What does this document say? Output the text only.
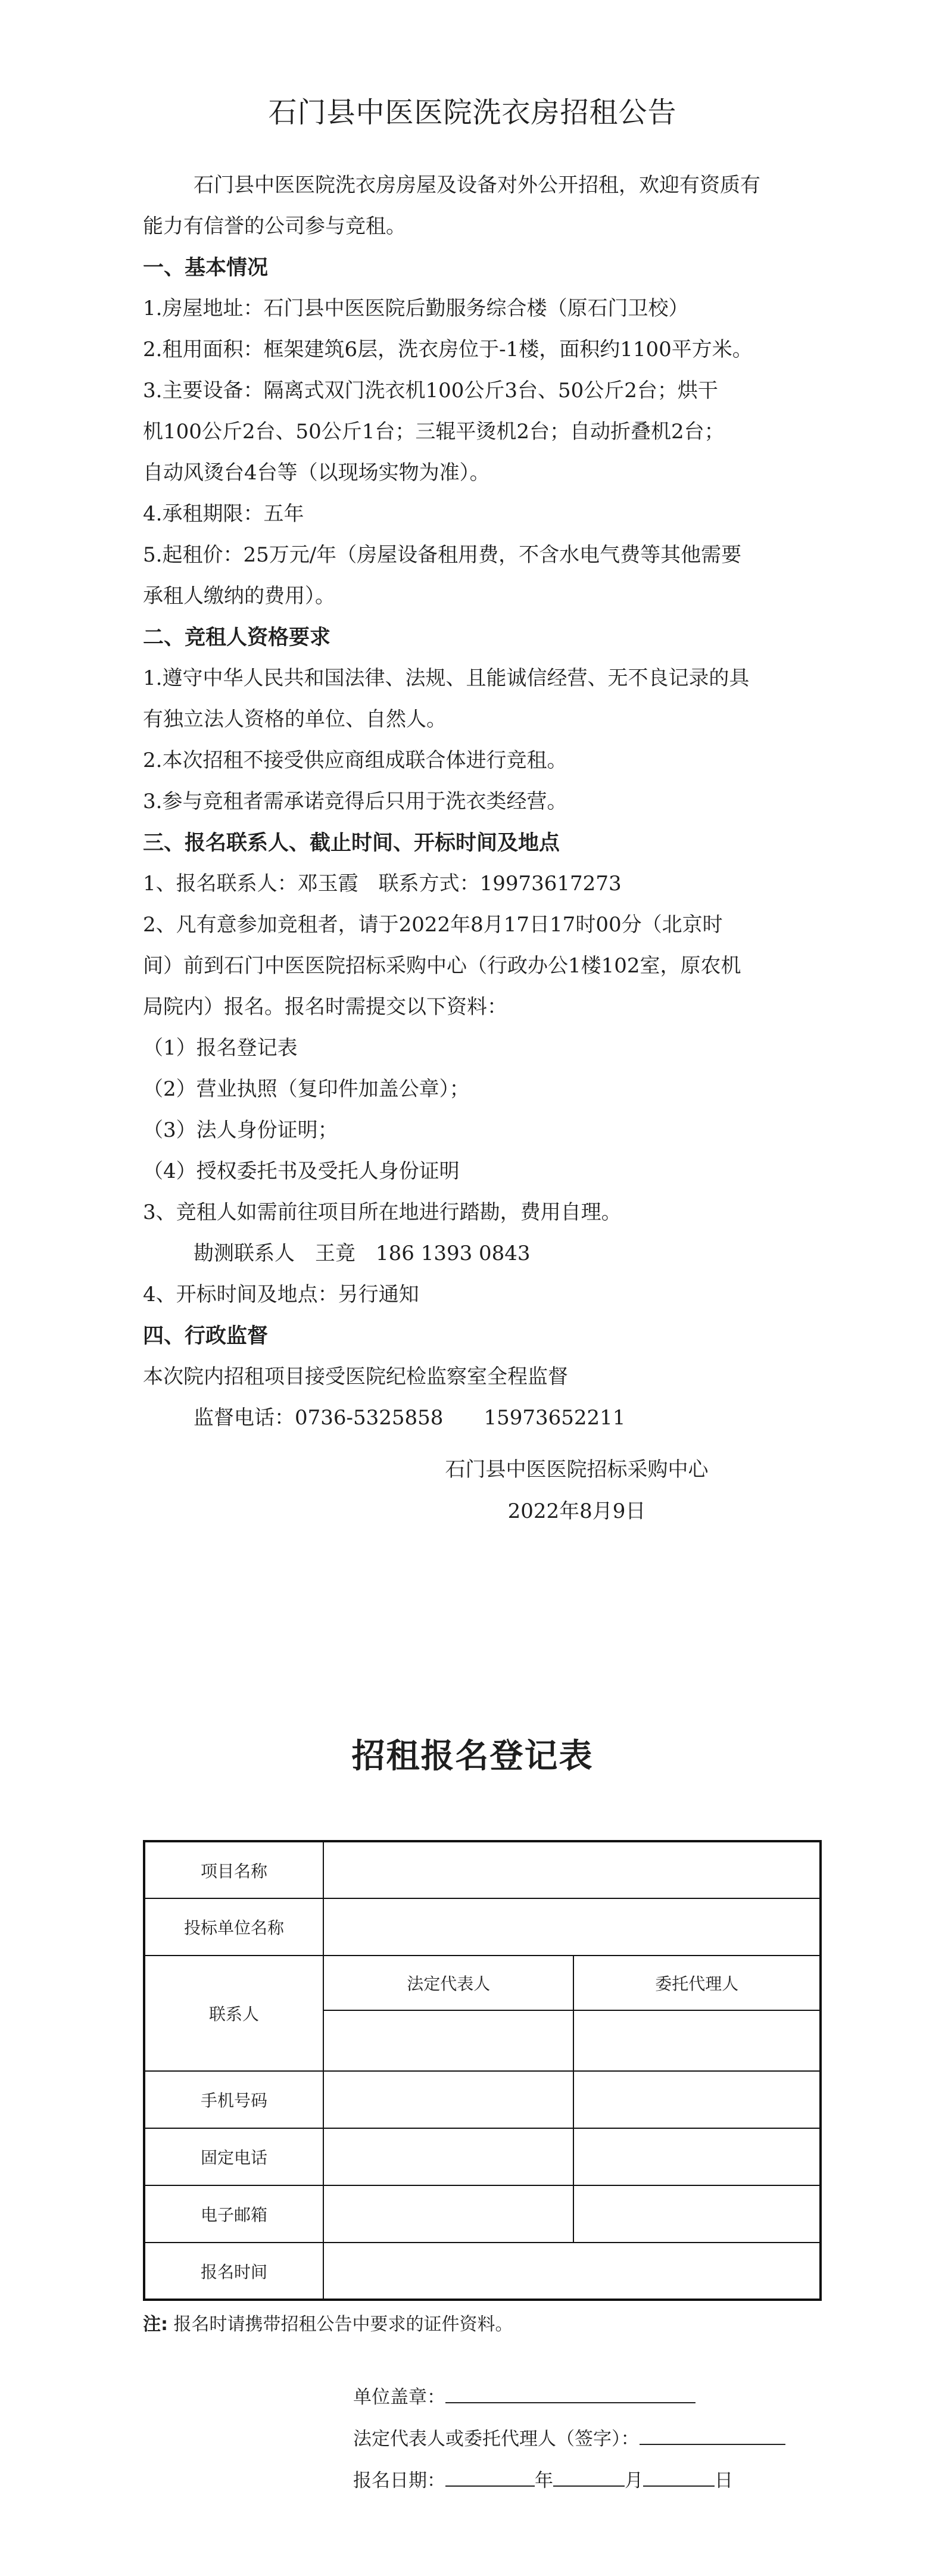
石门县中医医院洗衣房招租公告
石门县中医医院洗衣房房屋及设备对外公开招租，欢迎有资质有
能力有信誉的公司参与竞租。
一、基本情况
1.房屋地址：石门县中医医院后勤服务综合楼（原石门卫校）
2.租用面积：框架建筑6层，洗衣房位于-1楼，面积约1100平方米。
3.主要设备：隔离式双门洗衣机100公斤3台、50公斤2台；烘干
机100公斤2台、50公斤1台；三辊平烫机2台；自动折叠机2台；
自动风烫台4台等（以现场实物为准）。
4.承租期限：五年
5.起租价：25万元/年（房屋设备租用费，不含水电气费等其他需要
承租人缴纳的费用）。
二、竞租人资格要求
1.遵守中华人民共和国法律、法规、且能诚信经营、无不良记录的具
有独立法人资格的单位、自然人。
2.本次招租不接受供应商组成联合体进行竞租。
3.参与竞租者需承诺竞得后只用于洗衣类经营。
三、报名联系人、截止时间、开标时间及地点
1、报名联系人：邓玉霞　联系方式：19973617273
2、凡有意参加竞租者，请于2022年8月17日17时00分（北京时
间）前到石门中医医院招标采购中心（行政办公1楼102室，原农机
局院内）报名。报名时需提交以下资料：
（1）报名登记表
（2）营业执照（复印件加盖公章）；
（3）法人身份证明；
（4）授权委托书及受托人身份证明
3、竞租人如需前往项目所在地进行踏勘，费用自理。
勘测联系人　王竟　186 1393 0843
4、开标时间及地点：另行通知
四、行政监督
本次院内招租项目接受医院纪检监察室全程监督
监督电话：0736-5325858　　15973652211
石门县中医医院招标采购中心
2022年8月9日
招租报名登记表
项目名称		
投标单位名称		
联系人	法定代表人	委托代理人

手机号码		
固定电话		
电子邮箱		
报名时间		
注: 报名时请携带招租公告中要求的证件资料。
单位盖章：
法定代表人或委托代理人（签字）：
报名日期：	年	月	日
